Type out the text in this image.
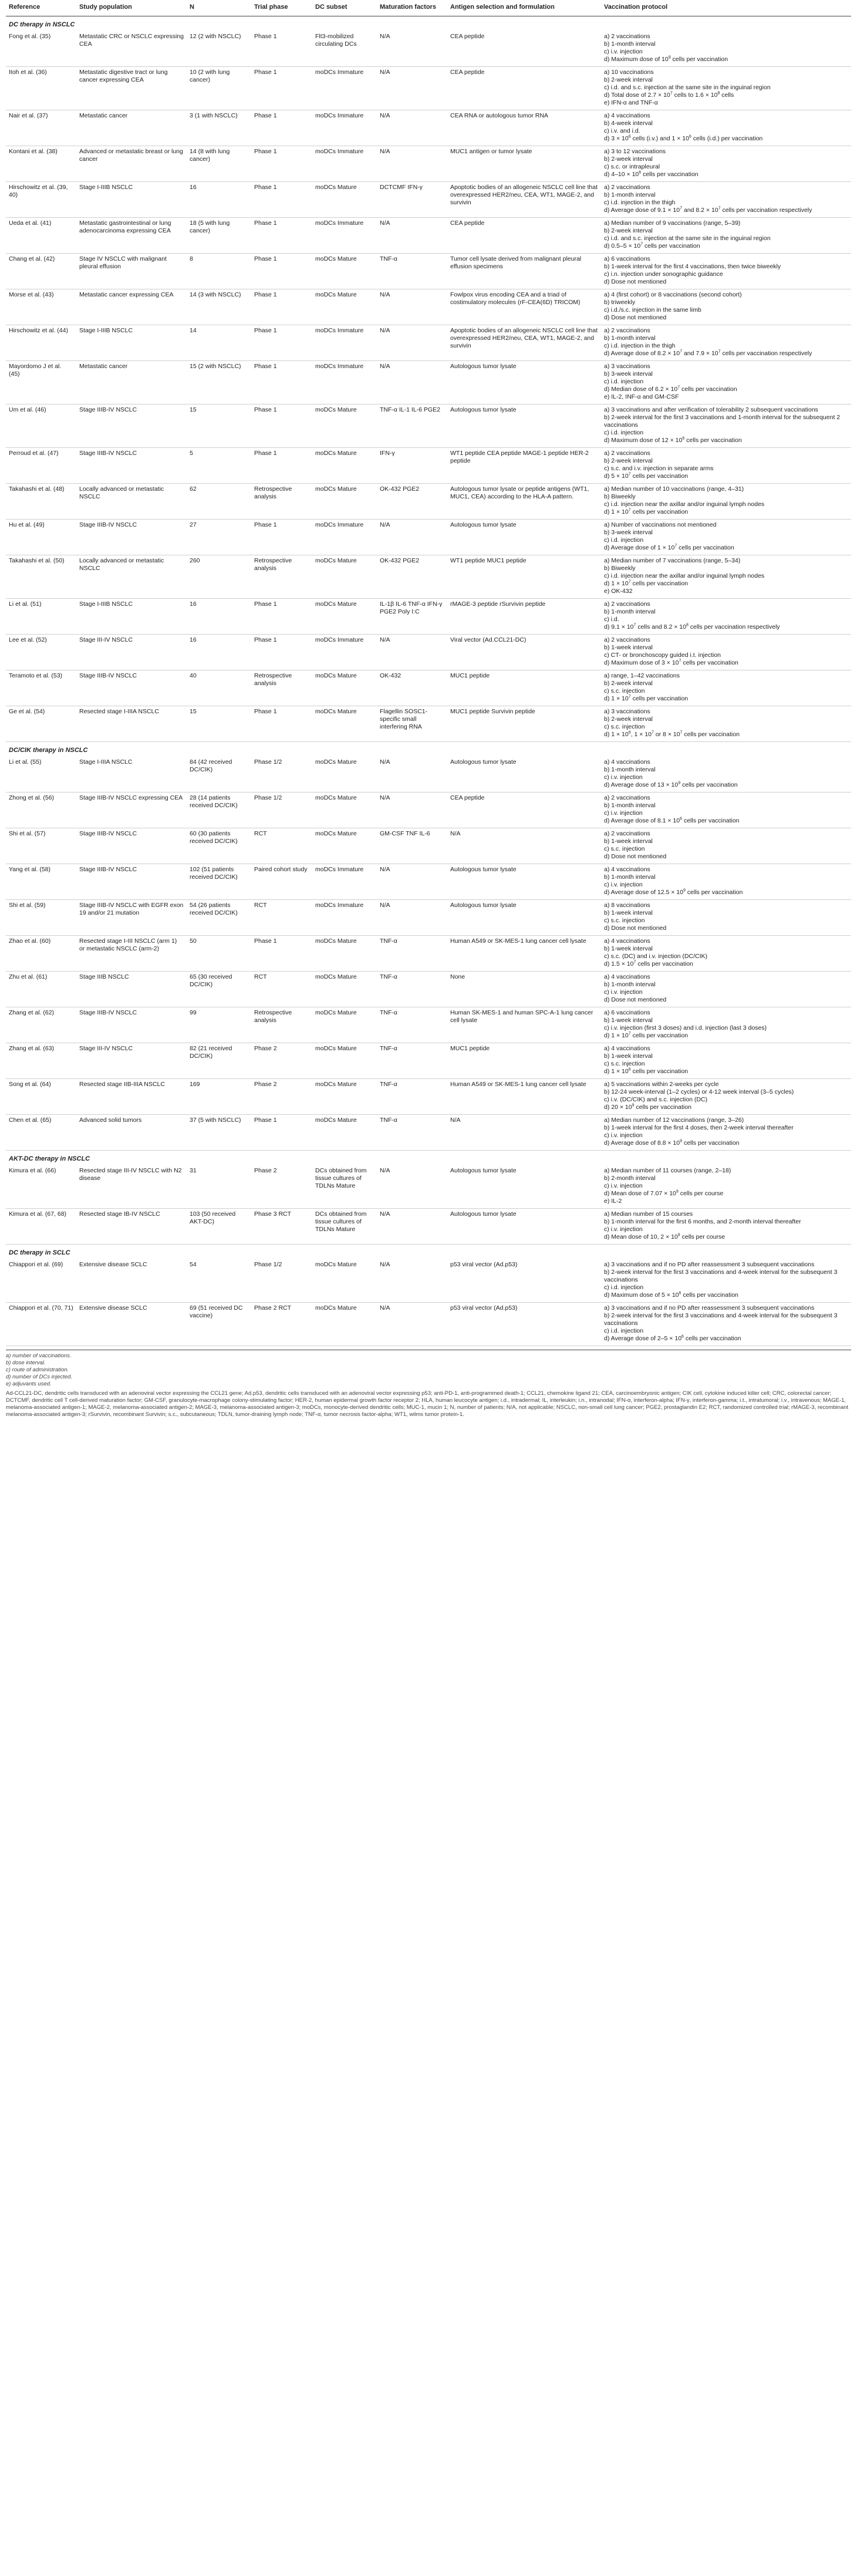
Reference	Study population	N	Trial phase	DC subset	Maturation factors	Antigen selection and formulation	Vaccination protocol
DC therapy in NSCLC							
Fong et al. (35)	Metastatic CRC or NSCLC expressing CEA	12 (2 with NSCLC)	Phase 1	Flt3-mobilized circulating DCs	N/A	CEA peptide	a) 2 vaccinations
b) 1-month interval
c) i.v. injection
d) Maximum dose of $10^9$ cells per vaccination

Itoh et al. (36)	Metastatic digestive tract or lung cancer expressing CEA	10 (2 with lung cancer)	Phase 1	moDCs Immature	N/A	CEA peptide	a) 10 vaccinations
b) 2-week interval
c) i.d. and s.c. injection at the same site in the inguinal region
d) Total dose of $2.7 \times 10^7$ cells to $1.6 \times 10^8$ cells
e) IFN-α and TNF-α

Nair et al. (37)	Metastatic cancer	3 (1 with NSCLC)	Phase 1	moDCs Immature	N/A	CEA RNA or autologous tumor RNA	a) 4 vaccinations
b) 4-week interval
c) i.v. and i.d.
d) $3 \times 10^6$ cells (i.v.) and $1 \times 10^6$ cells (i.d.) per vaccination

Kontani et al. (38)	Advanced or metastatic breast or lung cancer	14 (8 with lung cancer)	Phase 1	moDCs Immature	N/A	MUC1 antigen or tumor lysate	a) 3 to 12 vaccinations
b) 2-week interval
c) s.c. or intrapleural
d) $4-10 \times 10^6$ cells per vaccination

Hirschowitz et al. (39, 40)	Stage I-IIIB NSCLC	16	Phase 1	moDCs Mature	DCTCMF IFN-γ	Apoptotic bodies of an allogeneic NSCLC cell line that overexpressed HER2/neu, CEA, WT1, MAGE-2, and survivin	a) 2 vaccinations
b) 1-month interval
c) i.d. injection in the thigh
d) Average dose of $9.1 \times 10^7$ and $8.2 \times 10^7$ cells per vaccination respectively

Ueda et al. (41)	Metastatic gastrointestinal or lung adenocarcinoma expressing CEA	18 (5 with lung cancer)	Phase 1	moDCs Immature	N/A	CEA peptide	a) Median number of 9 vaccinations (range, 5–39)
b) 2-week interval
c) i.d. and s.c. injection at the same site in the inguinal region
d) $0.5-5 \times 10^7$ cells per vaccination

Chang et al. (42)	Stage IV NSCLC with malignant pleural effusion	8	Phase 1	moDCs Mature	TNF-α	Tumor cell lysate derived from malignant pleural effusion specimens	a) 6 vaccinations
b) 1-week interval for the first 4 vaccinations, then twice biweekly
c) i.n. injection under sonographic guidance
d) Dose not mentioned

Morse et al. (43)	Metastatic cancer expressing CEA	14 (3 with NSCLC)	Phase 1	moDCs Mature	N/A	Fowlpox virus encoding CEA and a triad of costimulatory molecules (rF-CEA(6D) TRICOM)	a) 4 (first cohort) or 8 vaccinations (second cohort)
b) triweekly
c) i.d./s.c. injection in the same limb
d) Dose not mentioned

Hirschowitz et al. (44)	Stage I-IIIB NSCLC	14	Phase 1	moDCs Immature	N/A	Apoptotic bodies of an allogeneic NSCLC cell line that overexpressed HER2/neu, CEA, WT1, MAGE-2, and survivin	a) 2 vaccinations
b) 1-month interval
c) i.d. injection in the thigh
d) Average dose of $8.2 \times 10^7$ and $7.9 \times 10^7$ cells per vaccination respectively

Mayordomo J et al. (45)	Metastatic cancer	15 (2 with NSCLC)	Phase 1	moDCs Immature	N/A	Autologous tumor lysate	a) 3 vaccinations
b) 3-week interval
c) i.d. injection
d) Median dose of $6.2 \times 10^7$ cells per vaccination
e) IL-2, INF-α and GM-CSF

Um et al. (46)	Stage IIIB-IV NSCLC	15	Phase 1	moDCs Mature	TNF-α IL-1 IL-6 PGE2	Autologous tumor lysate	a) 3 vaccinations and after verification of tolerability 2 subsequent vaccinations
b) 2-week interval for the first 3 vaccinations and 1-month interval for the subsequent 2 vaccinations
c) i.d. injection
d) Maximum dose of $12 \times 10^6$ cells per vaccination

Perroud et al. (47)	Stage IIIB-IV NSCLC	5	Phase 1	moDCs Mature	IFN-γ	WT1 peptide CEA peptide MAGE-1 peptide HER-2 peptide	a) 2 vaccinations
b) 2-week interval
c) s.c. and i.v. injection in separate arms
d) $5 \times 10^7$ cells per vaccination

Takahashi et al. (48)	Locally advanced or metastatic NSCLC	62	Retrospective analysis	moDCs Mature	OK-432 PGE2	Autologous tumor lysate or peptide antigens (WT1, MUC1, CEA) according to the HLA-A pattern.	a) Median number of 10 vaccinations (range, 4–31)
b) Biweekly
c) i.d. injection near the axillar and/or inguinal lymph nodes
d) $1 \times 10^7$ cells per vaccination

Hu et al. (49)	Stage IIIB-IV NSCLC	27	Phase 1	moDCs Immature	N/A	Autologous tumor lysate	a) Number of vaccinations not mentioned
b) 3-week interval
c) i.d. injection
d) Average dose of $1 \times 10^7$ cells per vaccination

Takahashi et al. (50)	Locally advanced or metastatic NSCLC	260	Retrospective analysis	moDCs Mature	OK-432 PGE2	WT1 peptide MUC1 peptide	a) Median number of 7 vaccinations (range, 5–34)
b) Biweekly
c) i.d. injection near the axillar and/or inguinal lymph nodes
d) $1 \times 10^7$ cells per vaccination
e) OK-432

Li et al. (51)	Stage I-IIIB NSCLC	16	Phase 1	moDCs Mature	IL-1β IL-6 TNF-α IFN-γ PGE2 Poly I:C	rMAGE-3 peptide rSurvivin peptide	a) 2 vaccinations
b) 1-month interval
c) i.d.
d) $9.1 \times 10^7$ cells and $8.2 \times 10^8$ cells per vaccination respectively

Lee et al. (52)	Stage III-IV NSCLC	16	Phase 1	moDCs Immature	N/A	Viral vector (Ad.CCL21-DC)	a) 2 vaccinations
b) 1-week interval
c) CT- or bronchoscopy guided i.t. injection
d) Maximum dose of $3 \times 10^7$ cells per vaccination

Teramoto et al. (53)	Stage IIIB-IV NSCLC	40	Retrospective analysis	moDCs Mature	OK-432	MUC1 peptide	a) range, 1–42 vaccinations
b) 2-week interval
c) s.c. injection
d) $1 \times 10^7$ cells per vaccination

Ge et al. (54)	Resected stage I-IIIA NSCLC	15	Phase 1	moDCs Mature	Flagellin SOSC1-specific small interfering RNA	MUC1 peptide Survivin peptide	a) 3 vaccinations
b) 2-week interval
c) s.c. injection
d) $1 \times 10^6$, $1 \times 10^7$ or $8 \times 10^7$ cells per vaccination

DC/CIK therapy in NSCLC							
Li et al. (55)	Stage I-IIIA NSCLC	84 (42 received DC/CIK)	Phase 1/2	moDCs Mature	N/A	Autologous tumor lysate	a) 4 vaccinations
b) 1-month interval
c) i.v. injection
d) Average dose of $13 \times 10^9$ cells per vaccination

Zhong et al. (56)	Stage IIIB-IV NSCLC expressing CEA	28 (14 patients received DC/CIK)	Phase 1/2	moDCs Mature	N/A	CEA peptide	a) 2 vaccinations
b) 1-month interval
c) i.v. injection
d) Average dose of $8.1 \times 10^6$ cells per vaccination

Shi et al. (57)	Stage IIIB-IV NSCLC	60 (30 patients received DC/CIK)	RCT	moDCs Mature	GM-CSF TNF IL-6	N/A	a) 2 vaccinations
b) 1-week interval
c) s.c. injection
d) Dose not mentioned

Yang et al. (58)	Stage IIIB-IV NSCLC	102 (51 patients received DC/CIK)	Paired cohort study	moDCs Immature	N/A	Autologous tumor lysate	a) 4 vaccinations
b) 1-month interval
c) i.v. injection
d) Average dose of $12.5 \times 10^9$ cells per vaccination

Shi et al. (59)	Stage IIIB-IV NSCLC with EGFR exon 19 and/or 21 mutation	54 (26 patients received DC/CIK)	RCT	moDCs Immature	N/A	Autologous tumor lysate	a) 8 vaccinations
b) 1-week interval
c) s.c. injection
d) Dose not mentioned

Zhao et al. (60)	Resected stage I-III NSCLC (arm 1) or metastatic NSCLC (arm-2)	50	Phase 1	moDCs Mature	TNF-α	Human A549 or SK-MES-1 lung cancer cell lysate	a) 4 vaccinations
b) 1-week interval
c) s.c. (DC) and i.v. injection (DC/CIK)
d) $1.5 \times 10^7$ cells per vaccination

Zhu et al. (61)	Stage IIIB NSCLC	65 (30 received DC/CIK)	RCT	moDCs Mature	TNF-α	None	a) 4 vaccinations
b) 1-month interval
c) i.v. injection
d) Dose not mentioned

Zhang et al. (62)	Stage IIIB-IV NSCLC	99	Retrospective analysis	moDCs Mature	TNF-α	Human SK-MES-1 and human SPC-A-1 lung cancer cell lysate	a) 6 vaccinations
b) 1-week interval
c) i.v. injection (first 3 doses) and i.d. injection (last 3 doses)
d) $1 \times 10^7$ cells per vaccination

Zhang et al. (63)	Stage III-IV NSCLC	82 (21 received DC/CIK)	Phase 2	moDCs Mature	TNF-α	MUC1 peptide	a) 4 vaccinations
b) 1-week interval
c) s.c. injection
d) $1 \times 10^6$ cells per vaccination

Song et al. (64)	Resected stage IIB-IIIA NSCLC	169	Phase 2	moDCs Mature	TNF-α	Human A549 or SK-MES-1 lung cancer cell lysate	a) 5 vaccinations within 2-weeks per cycle
b) 12-24 week-interval (1–2 cycles) or 4-12 week interval (3–5 cycles)
c) i.v. (DC/CIK) and s.c. injection (DC)
d) $20 \times 10^9$ cells per vaccination

Chen et al. (65)	Advanced solid tumors	37 (5 with NSCLC)	Phase 1	moDCs Mature	TNF-α	N/A	a) Median number of 12 vaccinations (range, 3–26)
b) 1-week interval for the first 4 doses, then 2-week interval thereafter
c) i.v. injection
d) Average dose of $8.8 \times 10^9$ cells per vaccination

AKT-DC therapy in NSCLC							
Kimura et al. (66)	Resected stage III-IV NSCLC with N2 disease	31	Phase 2	DCs obtained from tissue cultures of TDLNs Mature	N/A	Autologous tumor lysate	a) Median number of 11 courses (range, 2–18)
b) 2-month interval
c) i.v. injection
d) Mean dose of $7.07 \times 10^9$ cells per course
e) IL-2

Kimura et al. (67, 68)	Resected stage IB-IV NSCLC	103 (50 received AKT-DC)	Phase 3 RCT	DCs obtained from tissue cultures of TDLNs Mature	N/A	Autologous tumor lysate	a) Median number of 15 courses
b) 1-month interval for the first 6 months, and 2-month interval thereafter
c) i.v. injection
d) Mean dose of 10, $2 \times 10^9$ cells per course

DC therapy in SCLC							
Chiappori et al. (69)	Extensive disease SCLC	54	Phase 1/2	moDCs Mature	N/A	p53 viral vector (Ad.p53)	a) 3 vaccinations and if no PD after reassessment 3 subsequent vaccinations
b) 2-week interval for the first 3 vaccinations and 4-week interval for the subsequent 3 vaccinations
c) i.d. injection
d) Maximum dose of $5 \times 10^6$ cells per vaccination

Chiappori et al. (70, 71)	Extensive disease SCLC	69 (51 received DC vaccine)	Phase 2 RCT	moDCs Mature	N/A	p53 viral vector (Ad.p53)	a) 3 vaccinations and if no PD after reassessment 3 subsequent vaccinations
b) 2-week interval for the first 3 vaccinations and 4-week interval for the subsequent 3 vaccinations
c) i.d. injection
d) Average dose of $2-5 \times 10^6$ cells per vaccination
a) number of vaccinations.
b) dose interval.
c) route of administration.
d) number of DCs injected.
e) adjuvants used.
Ad-CCL21-DC, dendritic cells transduced with an adenoviral vector expressing the CCL21 gene; Ad.p53, dendritic cells transduced with an adenoviral vector expressing p53; anti-PD-1, anti-programmed death-1; CCL21, chemokine ligand 21; CEA, carcinoembryonic antigen; CIK cell, cytokine induced killer cell; CRC, colorectal cancer; DCTCMF, dendritic cell T cell-derived maturation factor; GM-CSF, granulocyte-macrophage colony-stimulating factor; HER-2, human epidermal growth factor receptor 2; HLA, human leucocyte antigen; i.d., intradermal; IL, interleukin; i.n., intranodal; IFN-α, interferon-alpha; IFN-γ, interferon-gamma; i.t., intratumoral; i.v., intravenous; MAGE-1, melanoma-associated antigen-1; MAGE-2, melanoma-associated antigen-2; MAGE-3, melanoma-associated antigen-3; moDCs, monocyte-derived dendritic cells; MUC-1, mucin 1; N, number of patients; N/A, not applicable; NSCLC, non-small cell lung cancer; PGE2, prostaglandin E2; RCT, randomized controlled trial; rMAGE-3, recombinant melanoma-associated antigen-3; rSurvivin, recombinant Survivin; s.c., subcutaneous; TDLN, tumor-draining lymph node; TNF-α, tumor necrosis factor-alpha; WT1, wilms tumor protein-1.
